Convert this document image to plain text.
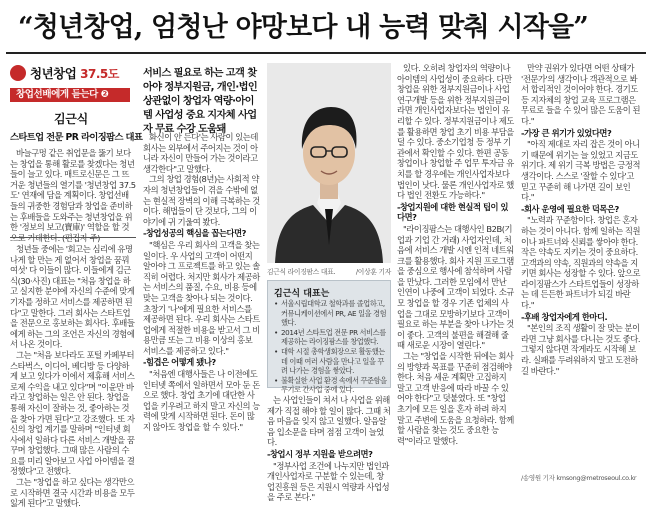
“청년창업, 엄청난 야망보다 내 능력 맞춰 시작을”
청년창업 37.5도
창업선배에게 듣는다 ❷
김근식
스타트업 전문 PR 라이징팜스 대표

바늘구멍 같은 취업문을 뚫기 보다는 창업을 통해 활로를 찾겠다는 청년들이 늘고 있다. 매트로신문은 그 뜨거운 청년들의 열기를 '청년창업 37.5도' 연재에 담을 계획이다. 창업선배들의 귀중한 경험담과 창업을 준비하는 후배들을 도와주는 청년창업을 위한 '정보의 보고(寶庫)' 역할을 할 것

청년들 중에는 '회고는 심리에 유명나게 할 만는 게 없어서 창업을 꿈꿔 여섯' 다 이들이 많다. 이들에게 김근식(30·사진) 대표는 "처음 창업을 하고 실지한 분야에 자신의 수준에 맞게 기자를 정하고 서비스를 제공하면 된다"고 말한다. 그러 회사는 스타트업을 전문으로 홍보하는 회사다. 후배들에게 하는 그의 조언은 자신의 경험에서 나온 것이다.

그는 "처음 보다라도 포털 카페부터 스타벅스, 이디어, 베디방 등 다양하게 보고 있다가 이에서 제휴해 서비스로제 수익을 내고 있다"며 "이윤만 바라고 창업하는 일은 안 된다. 창업을 통해 자신이 잘하는 것, 좋아하는 것을 찾아 가면 된다"고 강조했다. 또 자신의 창업 계기를 말하며 "인터넷 회사에서 일하다 다른 서비스 개발을 꿈꾸며 창업했다. 그때 많은 사람의 수요를 미리 알아보고 사업 아이템을 결정했다"고 전했다.

그는 "창업을 하고 싶다는 생각만으로 시작하면 결국 시간과 비용을 모두 잃게 된다"고 말했다.

서비스 필요로 하는 고객 찾아야 정부지원금, 개인·법인 상관없이 창업자 역량·아이템 사업성 중요 지자체 사업자 무료 수강 도움돼

화신이 안 든다'는 사람이 있는데 회사는 외부에서 주어지는 것이 아니라 자신이 만들어 가는 것이라고 생각한다"고 말했다.

그의 창업 경험(8년)는 사회적 약자의 청년창업들이 겪을 수밖에 없는 현실적 장벽의 이해 극복하는 것이다. 해법들이 단 것보다, 그의 이야기에 귀 기울여 봤다.

-창업성공의 핵심을 꼽는다면?

"핵심은 우리 회사의 고객을 찾는 일이다. 우 사업의 고객이 어떤지 알아야 그 프로젝트를 하고 있는 솔직히 어렵다. 처지만 회사가 제공하는 서비스의 품질, 수요, 비용 등에 맞는 고객을 찾아나 되는 것이다. 초창기 '나'에게 필요한 서비스를 제공하면 된다. 우리 회사는 스타트업에게 적절한 비용을 받고서 그 비용만큼 또는 그 비용 이상의 홍보 서비스를 제공하고 있다."

-힘겹은 어떻게 됐나?

"처음엔 대행사들은 나 이전에도 인터넷 쪽에서 일하면서 모아 둔 돈으로 했다. 창업 초기에 대단한 사업을 키우려고 하지 말고 자신의 능력에 맞게 시작하면 된다. 돈이 많지 않아도 창업을 할 수 있다."

김근식 라이징팜스 대표.	/이상훈 기자
김근식 대표는
• 서울시립대학교 철학과를 졸업하고, 커뮤니케이션에서 PR, AE 일을 경험했다.
• 2014년 스타트업 전문 PR 서비스를 제공하는 라이징팜스를 창업했다.
• 대학 시절 총학생회장으로 활동했는데 이때 여러 사람을 만나고 일을 꾸려 나가는 경험을 쌓았다.
• 불확실한 사업 환경 속에서 꾸준함을 무기로 간사업 중에 있다.

는 사업인들이 쳐서 나 사업을 위해 제가 직접 해야 할 일이 많다. 그때 처음 마음을 잊지 않고 일했다. 알음알음 입소문을 타며 점점 고객이 늘었다.

-창업시 정부 지원을 받으려면?

"정부사업 조건에 나누지만 법인과 개인사업자로 구분할 수 있는데, 창업진흥원 등은 지원시 역량과 사업성을 주로 본다."

있다. 오히려 창업자의 역량이나 아이템의 사업성이 중요하다. 다만 창업을 위한 정부지원금이나 사업 연구개발 등을 위한 정부지원금이라면 개인사업자보다는 법인이 유리할 수 있다. 정부지원금이나 제도를 활용하면 창업 초기 비용 부담을 덜 수 있다. 중소기업청 등 정부 기관에서 확인할 수 있다. 한편 공동창업이나 창업할 주 업무 투자금 유치를 할 경우에는 개인사업자보다 법인이 낫다. 물론 개인사업자로 했다 법인 전환도 가능하다."

-창업지원에 대한 현실적 팁이 있다면?

"라이징팜스는 대행사인 B2B(기업과 기업 간 거래) 사업자인데, 처음에 서비스 개발 시엔 인적 네트워크를 활용했다. 회사 지원 프로그램을 중심으로 행사에 참석하며 사람을 만났다. 그러한 모임에서 만난 인연이 나중에 고객이 되었다. 소규모 창업을 할 경우 기존 업체의 사업을 그대로 모방하기보다 고객이 필요로 하는 부분을 찾아 나가는 것이 좋다. 고객의 불편을 해결해 줄 때 새로운 시장이 열린다."

그는 "창업을 시작한 뒤에는 회사의 방향과 목표를 꾸준히 점검해야 한다. 처음 세운 계획만 고집하지 말고 고객 반응에 따라 바꿀 수 있어야 한다"고 덧붙였다. 또 "창업 초기에 모든 일을 혼자 하려 하지 말고 주변에 도움을 요청하라. 함께할 사람을 찾는 것도 중요한 능력"이라고 말했다.

만약 권위가 있다면 어떤 상태가 '전문가'의 생각이나 객관적으로 봐서 합리적인 것이어야 한다. 경기도 등 지자체의 창업 교육 프로그램은 무료로 들을 수 있어 많은 도움이 된다."

-가장 큰 위기가 있었다면?

"아직 제대로 자리 잡은 것이 아니기 때문에 위기는 늘 있었고 지금도 위기다. 제 위기 극복 방법은 긍정적 생각이다. 스스로 '잘할 수 있다'고 믿고 꾸준히 해 나가면 길이 보인다."

-회사 운영에 필요한 덕목은?

"노력과 꾸준함이다. 창업은 혼자 하는 것이 아니다. 함께 일하는 직원이나 파트너와 신뢰를 쌓아야 한다. 작은 약속도 지키는 것이 중요하다. 고객과의 약속, 직원과의 약속을 지키면 회사는 성장할 수 있다. 앞으로 라이징팜스가 스타트업들이 성장하는 데 든든한 파트너가 되길 바란다."

-후배 창업자에게 한마디.

"본인의 조직 생활이 잘 맞는 분이라면 그냥 회사를 다니는 것도 좋다. 그렇지 않다면 작게라도 시작해 보라. 실패를 두려워하지 말고 도전하길 바란다."

/송영원 기자 kmsong@metroseoul.co.kr
